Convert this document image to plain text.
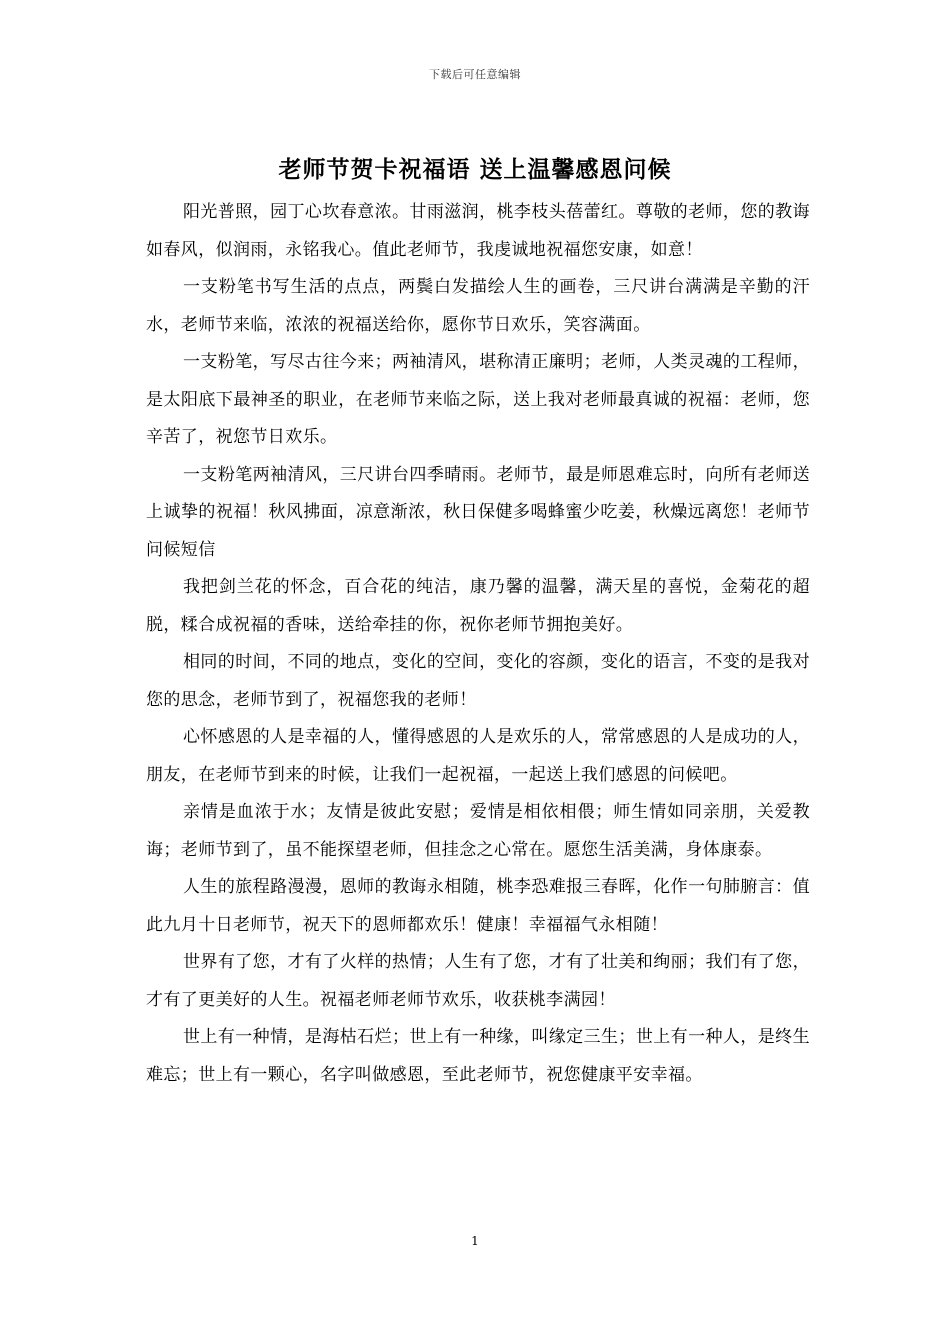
下载后可任意编辑
老师节贺卡祝福语 送上温馨感恩问候

阳光普照，园丁心坎春意浓。甘雨滋润，桃李枝头蓓蕾红。尊敬的老师，您的教诲如春风，似润雨，永铭我心。值此老师节，我虔诚地祝福您安康，如意！

一支粉笔书写生活的点点，两鬓白发描绘人生的画卷，三尺讲台满满是辛勤的汗水，老师节来临，浓浓的祝福送给你，愿你节日欢乐，笑容满面。

一支粉笔，写尽古往今来；两袖清风，堪称清正廉明；老师，人类灵魂的工程师，是太阳底下最神圣的职业，在老师节来临之际，送上我对老师最真诚的祝福：老师，您辛苦了，祝您节日欢乐。

一支粉笔两袖清风，三尺讲台四季晴雨。老师节，最是师恩难忘时，向所有老师送上诚挚的祝福！秋风拂面，凉意渐浓，秋日保健多喝蜂蜜少吃姜，秋燥远离您！老师节问候短信

我把剑兰花的怀念，百合花的纯洁，康乃馨的温馨，满天星的喜悦，金菊花的超脱，糅合成祝福的香味，送给牵挂的你，祝你老师节拥抱美好。

相同的时间，不同的地点，变化的空间，变化的容颜，变化的语言，不变的是我对您的思念，老师节到了，祝福您我的老师！

心怀感恩的人是幸福的人，懂得感恩的人是欢乐的人，常常感恩的人是成功的人，朋友，在老师节到来的时候，让我们一起祝福，一起送上我们感恩的问候吧。

亲情是血浓于水；友情是彼此安慰；爱情是相依相偎；师生情如同亲朋，关爱教诲；老师节到了，虽不能探望老师，但挂念之心常在。愿您生活美满，身体康泰。

人生的旅程路漫漫，恩师的教诲永相随，桃李恐难报三春晖，化作一句肺腑言：值此九月十日老师节，祝天下的恩师都欢乐！健康！幸福福气永相随！

世界有了您，才有了火样的热情；人生有了您，才有了壮美和绚丽；我们有了您，才有了更美好的人生。祝福老师老师节欢乐，收获桃李满园！

世上有一种情，是海枯石烂；世上有一种缘，叫缘定三生；世上有一种人，是终生难忘；世上有一颗心，名字叫做感恩，至此老师节，祝您健康平安幸福。

1
